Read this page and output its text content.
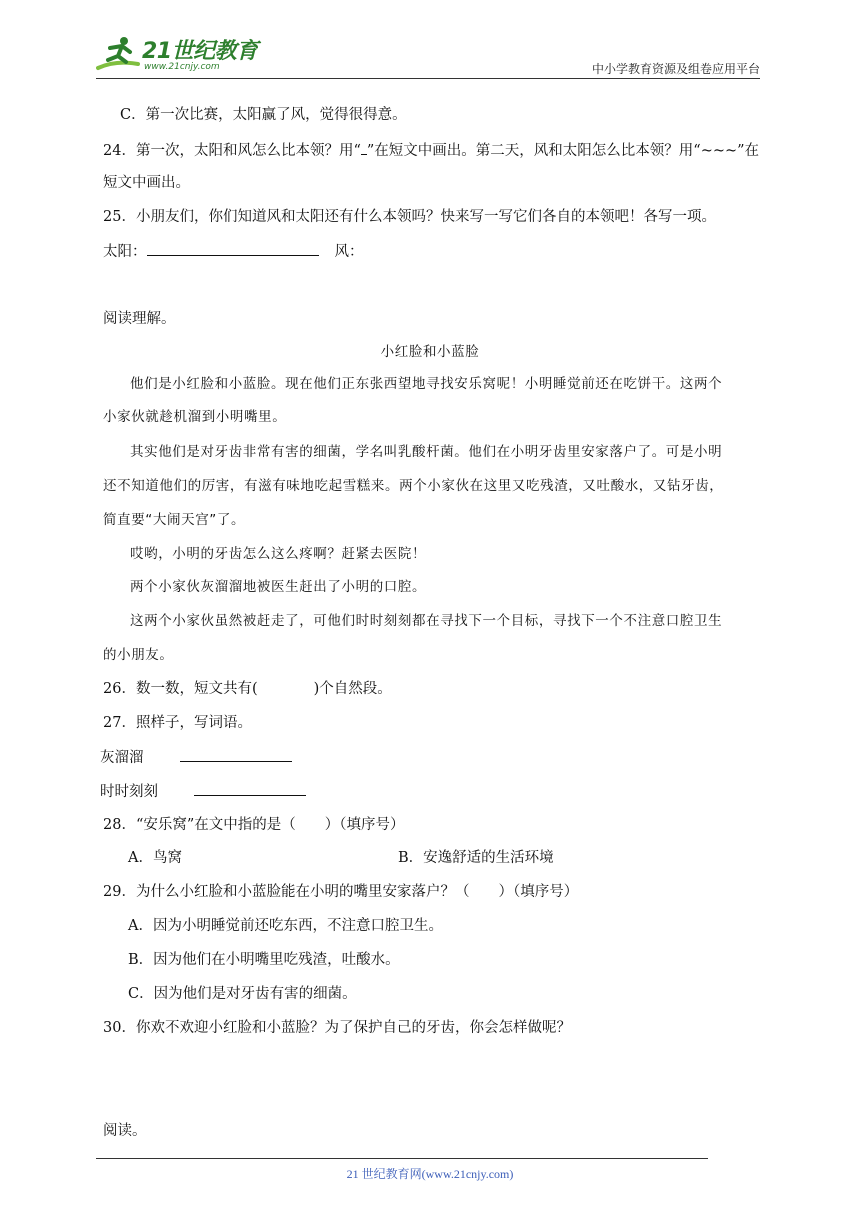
21世纪教育
www.21cnjy.com	中小学教育资源及组卷应用平台
C．第一次比赛，太阳赢了风，觉得很得意。
24．第一次，太阳和风怎么比本领？用“ ”在短文中画出。第二天，风和太阳怎么比本领？用“~~~”在
短文中画出。
25．小朋友们，你们知道风和太阳还有什么本领吗？快来写一写它们各自的本领吧！各写一项。
太阳：	风：
阅读理解。
小红脸和小蓝脸
他们是小红脸和小蓝脸。现在他们正东张西望地寻找安乐窝呢！小明睡觉前还在吃饼干。这两个
小家伙就趁机溜到小明嘴里。
其实他们是对牙齿非常有害的细菌，学名叫乳酸杆菌。他们在小明牙齿里安家落户了。可是小明
还不知道他们的厉害，有滋有味地吃起雪糕来。两个小家伙在这里又吃残渣，又吐酸水，又钻牙齿，
简直要“大闹天宫”了。
哎哟，小明的牙齿怎么这么疼啊？赶紧去医院！
两个小家伙灰溜溜地被医生赶出了小明的口腔。
这两个小家伙虽然被赶走了，可他们时时刻刻都在寻找下一个目标，寻找下一个不注意口腔卫生
的小朋友。
26．数一数，短文共有(	)个自然段。
27．照样子，写词语。
灰溜溜
时时刻刻
28．“安乐窝”在文中指的是（　　）（填序号）
A．鸟窝	B．安逸舒适的生活环境
29．为什么小红脸和小蓝脸能在小明的嘴里安家落户？（　　）（填序号）
A．因为小明睡觉前还吃东西，不注意口腔卫生。
B．因为他们在小明嘴里吃残渣，吐酸水。
C．因为他们是对牙齿有害的细菌。
30．你欢不欢迎小红脸和小蓝脸？为了保护自己的牙齿，你会怎样做呢？
阅读。
21 世纪教育网(www.21cnjy.com)
